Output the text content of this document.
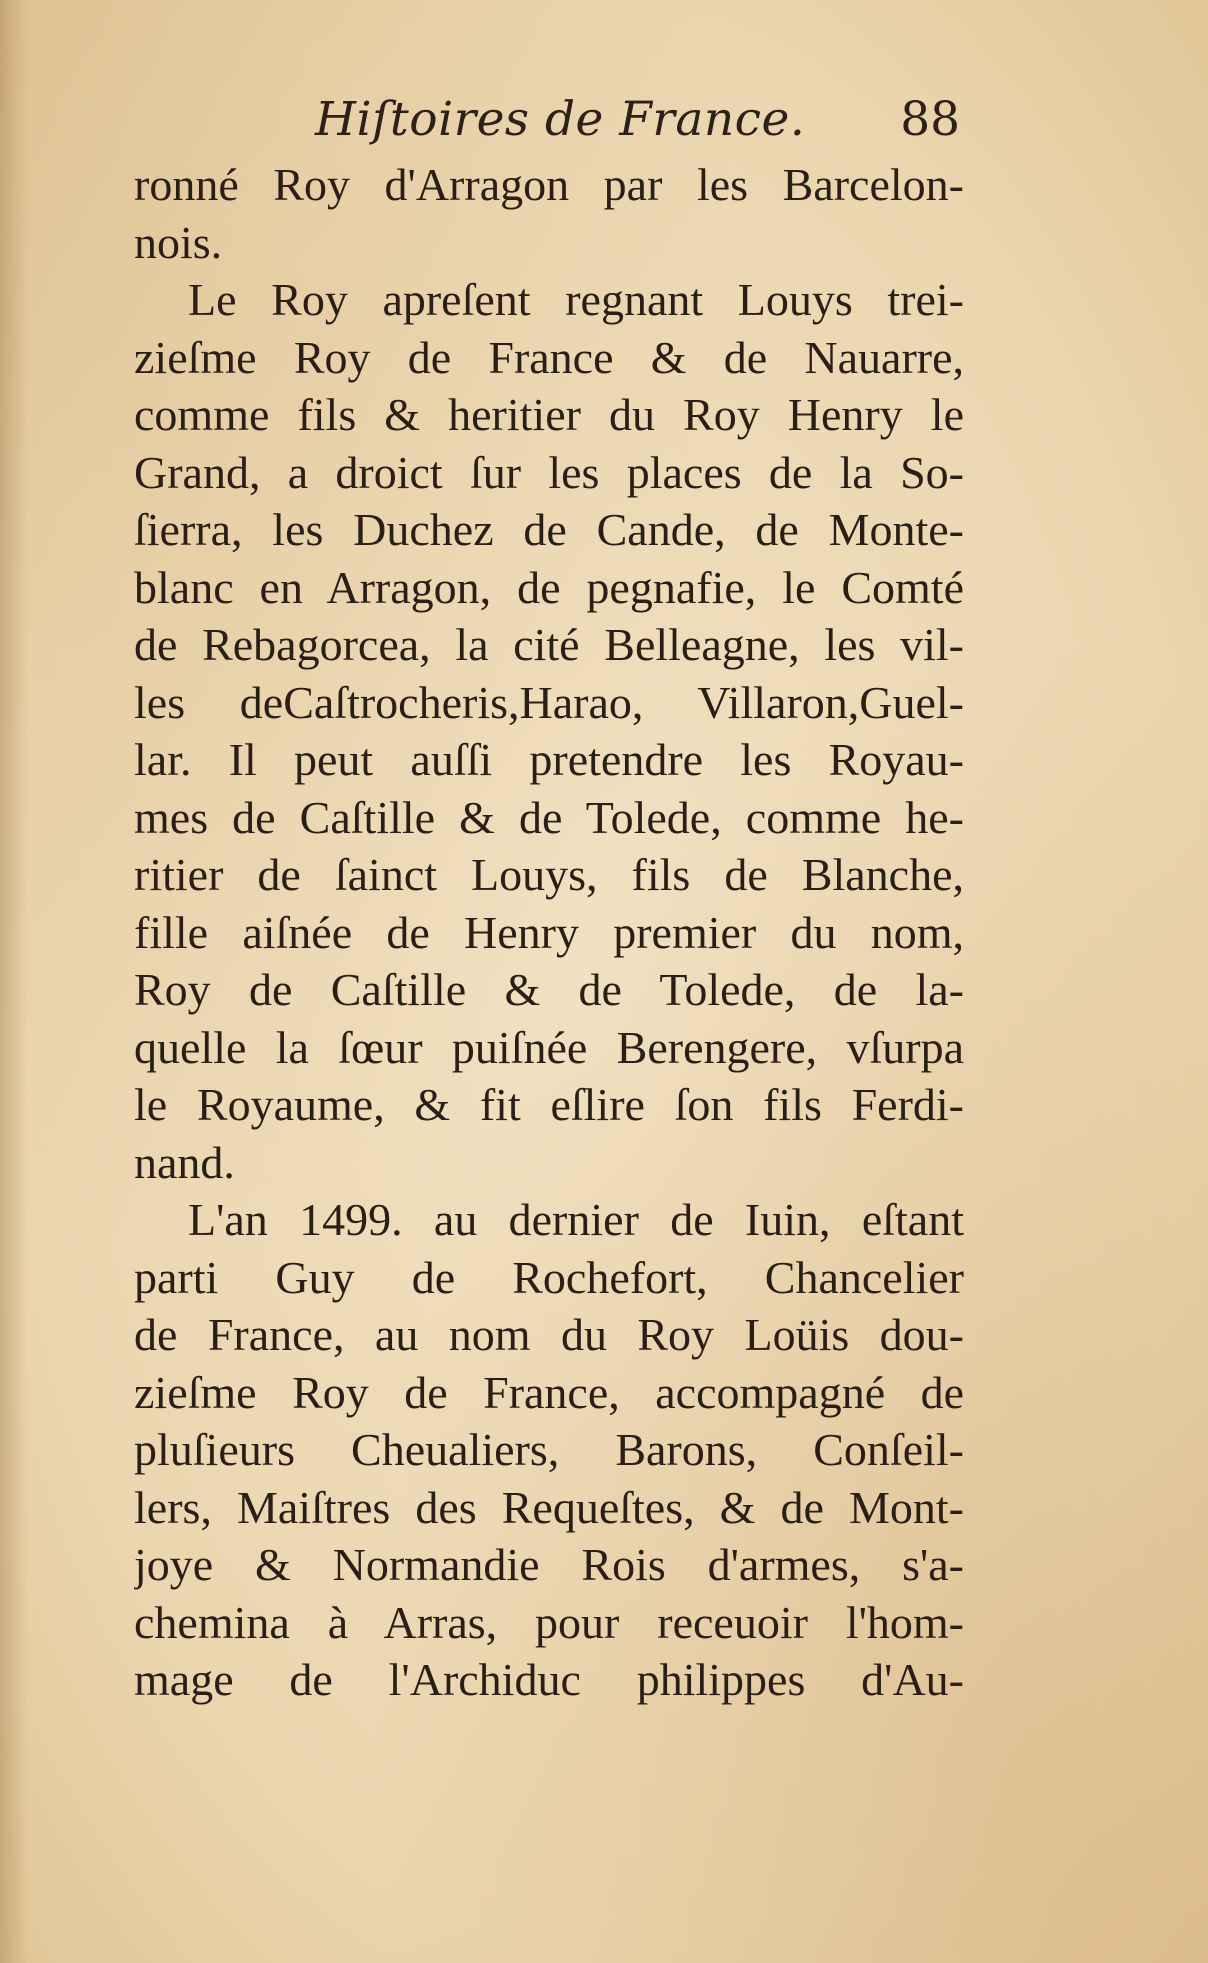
Hiſtoires de France. 88
ronné Roy d'Arragon par les Barcelon-
nois.
Le Roy apreſent regnant Louys trei-
zieſme Roy de France & de Nauarre,
comme fils & heritier du Roy Henry le
Grand, a droict ſur les places de la So-
ſierra, les Duchez de Cande, de Monte-
blanc en Arragon, de pegnafie, le Comté
de Rebagorcea, la cité Belleagne, les vil-
les deCaſtrocheris,Harao, Villaron,Guel-
lar. Il peut auſſi pretendre les Royau-
mes de Caſtille & de Tolede, comme he-
ritier de ſainct Louys, fils de Blanche,
fille aiſnée de Henry premier du nom,
Roy de Caſtille & de Tolede, de la-
quelle la ſœur puiſnée Berengere, vſurpa
le Royaume, & fit eſlire ſon fils Ferdi-
nand.
L'an 1499. au dernier de Iuin, eſtant
parti Guy de Rochefort, Chancelier
de France, au nom du Roy Loüis dou-
zieſme Roy de France, accompagné de
pluſieurs Cheualiers, Barons, Conſeil-
lers, Maiſtres des Requeſtes, & de Mont-
joye & Normandie Rois d'armes, s'a-
chemina à Arras, pour receuoir l'hom-
mage de l'Archiduc philippes d'Au-
